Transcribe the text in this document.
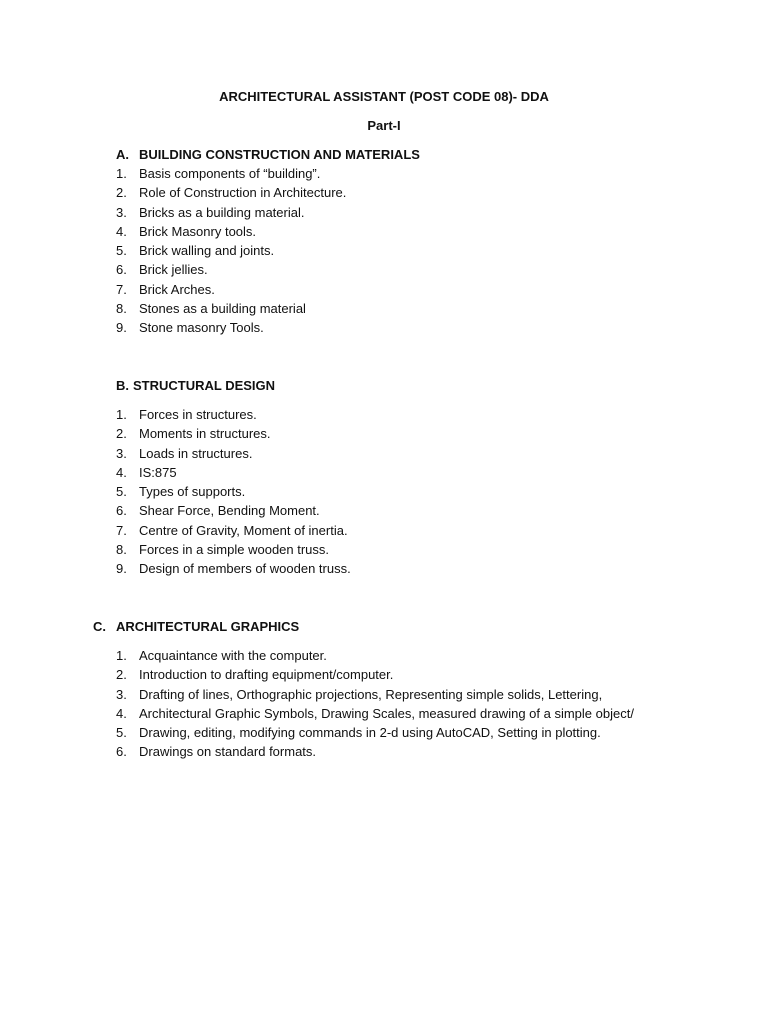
ARCHITECTURAL ASSISTANT (POST CODE 08)- DDA
Part-I
A. BUILDING CONSTRUCTION AND MATERIALS
1. Basis components of “building”.
2. Role of Construction in Architecture.
3. Bricks as a building material.
4. Brick Masonry tools.
5. Brick walling and joints.
6. Brick jellies.
7. Brick Arches.
8. Stones as a building material
9. Stone masonry Tools.
B. STRUCTURAL DESIGN
1. Forces in structures.
2. Moments in structures.
3. Loads in structures.
4. IS:875
5. Types of supports.
6. Shear Force, Bending Moment.
7. Centre of Gravity, Moment of inertia.
8. Forces in a simple wooden truss.
9. Design of members of wooden truss.
C. ARCHITECTURAL GRAPHICS
1. Acquaintance with the computer.
2. Introduction to drafting equipment/computer.
3. Drafting of lines, Orthographic projections, Representing simple solids, Lettering,
4. Architectural Graphic Symbols, Drawing Scales, measured drawing of a simple object/
5. Drawing, editing, modifying commands in 2-d using AutoCAD, Setting in plotting.
6. Drawings on standard formats.
